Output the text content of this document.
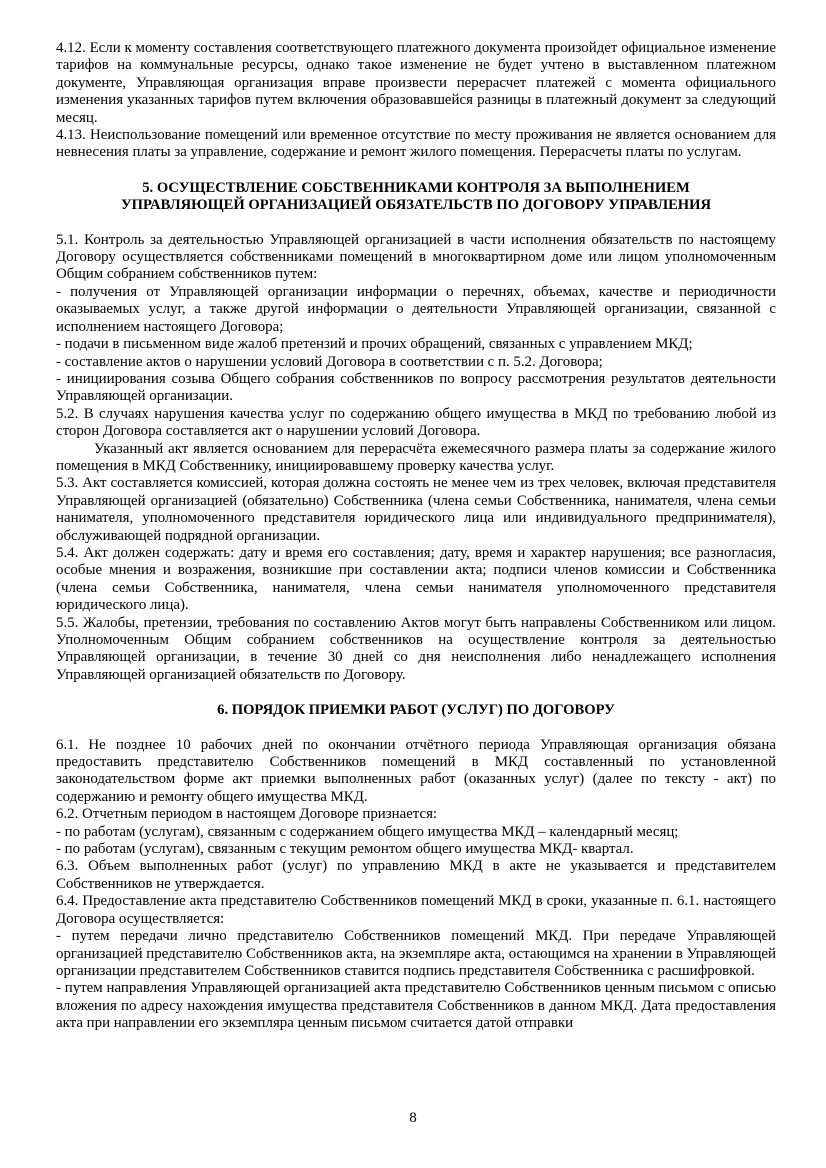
4.12. Если к моменту составления соответствующего платежного документа произойдет официальное изменение тарифов на коммунальные ресурсы, однако такое изменение не будет учтено в выставленном платежном документе, Управляющая организация вправе произвести перерасчет платежей с момента официального изменения указанных тарифов путем включения образовавшейся разницы в платежный документ за следующий месяц.

4.13. Неиспользование помещений или временное отсутствие по месту проживания не является основанием для невнесения платы за управление, содержание и ремонт жилого помещения. Перерасчеты платы по услугам.

5. ОСУЩЕСТВЛЕНИЕ СОБСТВЕННИКАМИ КОНТРОЛЯ ЗА ВЫПОЛНЕНИЕМ
УПРАВЛЯЮЩЕЙ ОРГАНИЗАЦИЕЙ ОБЯЗАТЕЛЬСТВ ПО ДОГОВОРУ УПРАВЛЕНИЯ

5.1. Контроль за деятельностью Управляющей организацией в части исполнения обязательств по настоящему Договору осуществляется собственниками помещений в многоквартирном доме или лицом уполномоченным Общим собранием собственников путем:

- получения от Управляющей организации информации о перечнях, объемах, качестве и периодичности оказываемых услуг, а также другой информации о деятельности Управляющей организации, связанной с исполнением настоящего Договора;

- подачи в письменном виде жалоб претензий и прочих обращений, связанных с управлением МКД;

- составление актов о нарушении условий Договора в соответствии с п. 5.2. Договора;

- инициирования созыва Общего собрания собственников по вопросу рассмотрения результатов деятельности Управляющей организации.

5.2. В случаях нарушения качества услуг по содержанию общего имущества в МКД по требованию любой из сторон Договора составляется акт о нарушении условий Договора.

Указанный акт является основанием для перерасчёта ежемесячного размера платы за содержание жилого помещения в МКД Собственнику, инициировавшему проверку качества услуг.

5.3. Акт составляется комиссией, которая должна состоять не менее чем из трех человек, включая представителя Управляющей организацией (обязательно) Собственника (члена семьи Собственника, нанимателя, члена семьи нанимателя, уполномоченного представителя юридического лица или индивидуального предпринимателя), обслуживающей подрядной организации.

5.4. Акт должен содержать: дату и время его составления; дату, время и характер нарушения; все разногласия, особые мнения и возражения, возникшие при составлении акта; подписи членов комиссии и Собственника (члена семьи Собственника, нанимателя, члена семьи нанимателя уполномоченного представителя юридического лица).

5.5. Жалобы, претензии, требования по составлению Актов могут быть направлены Собственником или лицом. Уполномоченным Общим собранием собственников на осуществление контроля за деятельностью Управляющей организации, в течение 30 дней со дня неисполнения либо ненадлежащего исполнения Управляющей организацией обязательств по Договору.

6. ПОРЯДОК ПРИЕМКИ РАБОТ (УСЛУГ) ПО ДОГОВОРУ

6.1. Не позднее 10 рабочих дней по окончании отчётного периода Управляющая организация обязана предоставить представителю Собственников помещений в МКД составленный по установленной законодательством форме акт приемки выполненных работ (оказанных услуг) (далее по тексту - акт) по содержанию и ремонту общего имущества МКД.

6.2. Отчетным периодом в настоящем Договоре признается:

- по работам (услугам), связанным с содержанием общего имущества МКД – календарный месяц;

- по работам (услугам), связанным с текущим ремонтом общего имущества МКД- квартал.

6.3. Объем выполненных работ (услуг) по управлению МКД в акте не указывается и представителем Собственников не утверждается.

6.4. Предоставление акта представителю Собственников помещений МКД в сроки, указанные п. 6.1. настоящего Договора осуществляется:

- путем передачи лично представителю Собственников помещений МКД. При передаче Управляющей организацией представителю Собственников акта, на экземпляре акта, остающимся на хранении в Управляющей организации представителем Собственников ставится подпись представителя Собственника с расшифровкой.

- путем направления Управляющей организацией акта представителю Собственников ценным письмом с описью вложения по адресу нахождения имущества представителя Собственников в данном МКД. Дата предоставления акта при направлении его экземпляра ценным письмом считается датой отправки

8
